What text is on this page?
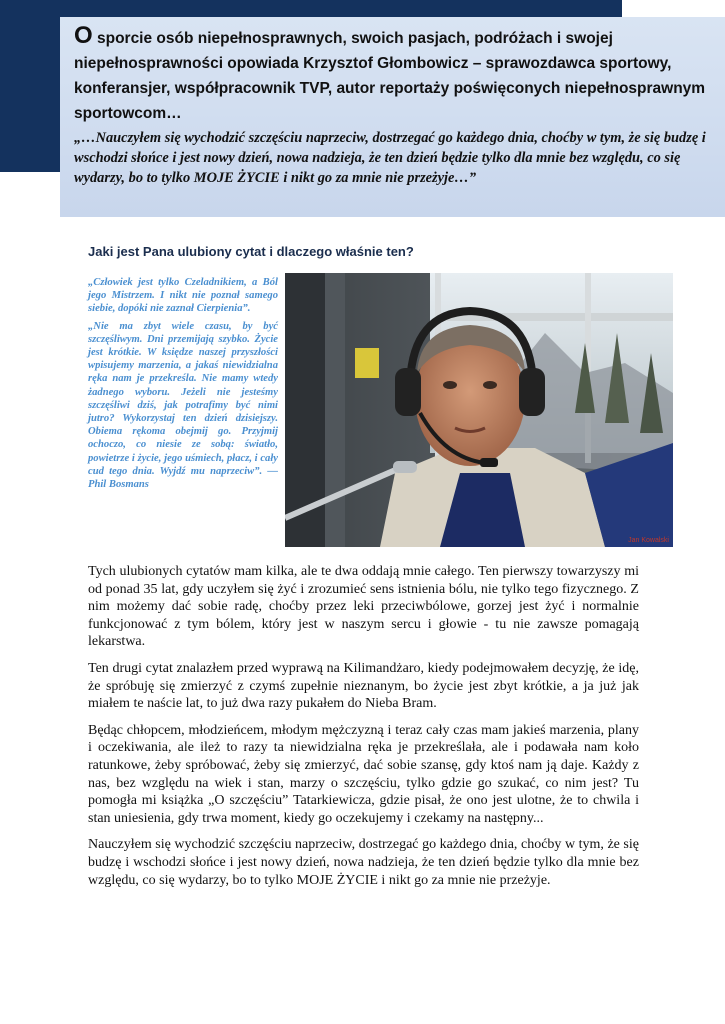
O sporcie osób niepełnosprawnych, swoich pasjach, podróżach i swojej niepełnosprawności opowiada Krzysztof Głombowicz – sprawozdawca sportowy, konferansjer, współpracownik TVP, autor reportaży poświęconych niepełnosprawnym sportowcom…

„…Nauczyłem się wychodzić szczęściu naprzeciw, dostrzegać go każdego dnia, choćby w tym, że się budzę i wschodzi słońce i jest nowy dzień, nowa nadzieja, że ten dzień będzie tylko dla mnie bez względu, co się wydarzy, bo to tylko MOJE ŻYCIE i nikt go za mnie nie przeżyje…”

Jaki jest Pana ulubiony cytat i dlaczego właśnie ten?

„Człowiek jest tylko Czeladnikiem, a Ból jego Mistrzem. I nikt nie poznał samego siebie, dopóki nie zaznał Cierpienia”.

„Nie ma zbyt wiele czasu, by być szczęśliwym. Dni przemijają szybko. Życie jest krótkie. W księdze naszej przyszłości wpisujemy marzenia, a jakaś niewidzialna ręka nam je przekreśla. Nie mamy wtedy żadnego wyboru. Jeżeli nie jesteśmy szczęśliwi dziś, jak potrafimy być nimi jutro? Wykorzystaj ten dzień dzisiejszy. Obiema rękoma obejmij go. Przyjmij ochoczo, co niesie ze sobą: światło, powietrze i życie, jego uśmiech, płacz, i cały cud tego dnia. Wyjdź mu naprzeciw”. — Phil Bosmans

Jan Kowalski

Tych ulubionych cytatów mam kilka, ale te dwa oddają mnie całego. Ten pierwszy towarzyszy mi od ponad 35 lat, gdy uczyłem się żyć i zrozumieć sens istnienia bólu, nie tylko tego fizycznego. Z nim możemy dać sobie radę, choćby przez leki przeciwbólowe, gorzej jest żyć i normalnie funkcjonować z tym bólem, który jest w naszym sercu i głowie - tu nie zawsze pomagają lekarstwa.

Ten drugi cytat znalazłem przed wyprawą na Kilimandżaro, kiedy podejmowałem decyzję, że idę, że spróbuję się zmierzyć z czymś zupełnie nieznanym, bo życie jest zbyt krótkie, a ja już jak miałem te naście lat, to już dwa razy pukałem do Nieba Bram.

Będąc chłopcem, młodzieńcem, młodym mężczyzną i teraz cały czas mam jakieś marzenia, plany i oczekiwania, ale ileż to razy ta niewidzialna ręka je przekreślała, ale i podawała nam koło ratunkowe, żeby spróbować, żeby się zmierzyć, dać sobie szansę, gdy ktoś nam ją daje. Każdy z nas, bez względu na wiek i stan, marzy o szczęściu, tylko gdzie go szukać, co nim jest? Tu pomogła mi książka „O szczęściu” Tatarkiewicza, gdzie pisał, że ono jest ulotne, że to chwila i stan uniesienia, gdy trwa moment, kiedy go oczekujemy i czekamy na następny...

Nauczyłem się wychodzić szczęściu naprzeciw, dostrzegać go każdego dnia, choćby w tym, że się budzę i wschodzi słońce i jest nowy dzień, nowa nadzieja, że ten dzień będzie tylko dla mnie bez względu, co się wydarzy, bo to tylko MOJE ŻYCIE i nikt go za mnie nie przeżyje.
